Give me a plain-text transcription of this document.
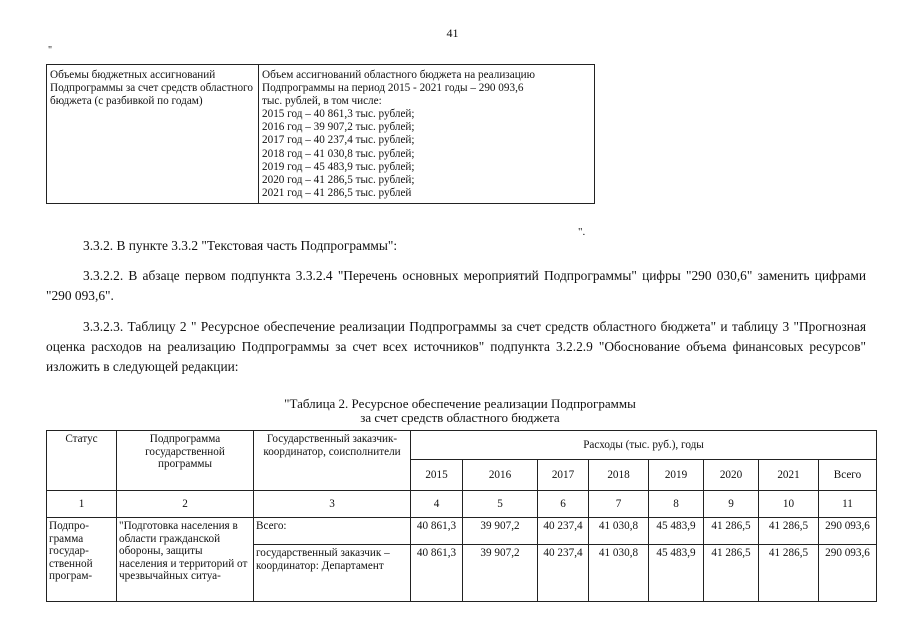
41
"
Объемы бюджетных ассигнований Подпрограммы за счет средств областного бюджета (с разбивкой по годам)	
Объем ассигнований областного бюджета на реализацию
Подпрограммы на период 2015 - 2021 годы – 290 093,6
тыс. рублей, в том числе:
2015 год – 40 861,3 тыс. рублей;
2016 год – 39 907,2 тыс. рублей;
2017 год – 40 237,4 тыс. рублей;
2018 год – 41 030,8 тыс. рублей;
2019 год – 45 483,9 тыс. рублей;
2020 год – 41 286,5 тыс. рублей;
2021 год – 41 286,5 тыс. рублей
".
3.3.2. В пункте 3.3.2 "Текстовая часть Подпрограммы":
3.3.2.2. В абзаце первом подпункта 3.3.2.4 "Перечень основных мероприятий Подпрограммы" цифры "290 030,6" заменить цифрами "290 093,6".
3.3.2.3. Таблицу 2 " Ресурсное обеспечение реализации Подпрограммы за счет средств областного бюджета" и таблицу 3 "Прогнозная оценка расходов на реализацию Подпрограммы за счет всех источников" подпункта 3.2.2.9 "Обоснование объема финансовых ресурсов" изложить в следующей редакции:
"Таблица 2. Ресурсное обеспечение реализации Подпрограммы
за счет средств областного бюджета
Статус	Подпрограмма государственной программы	Государственный заказчик-координатор, соисполнители	Расходы (тыс. руб.), годы							
			2015	2016	2017	2018	2019	2020	2021	Всего
1	2	3	4	5	6	7	8	9	10	11
Подпро-грамма государ-ственной програм-	"Подготовка населения в области гражданской обороны, защиты населения и территорий от чрезвычайных ситуа-	Всего:	40 861,3	39 907,2	40 237,4	41 030,8	45 483,9	41 286,5	41 286,5	290 093,6
		государственный заказчик – координатор: Департамент	40 861,3	39 907,2	40 237,4	41 030,8	45 483,9	41 286,5	41 286,5	290 093,6
